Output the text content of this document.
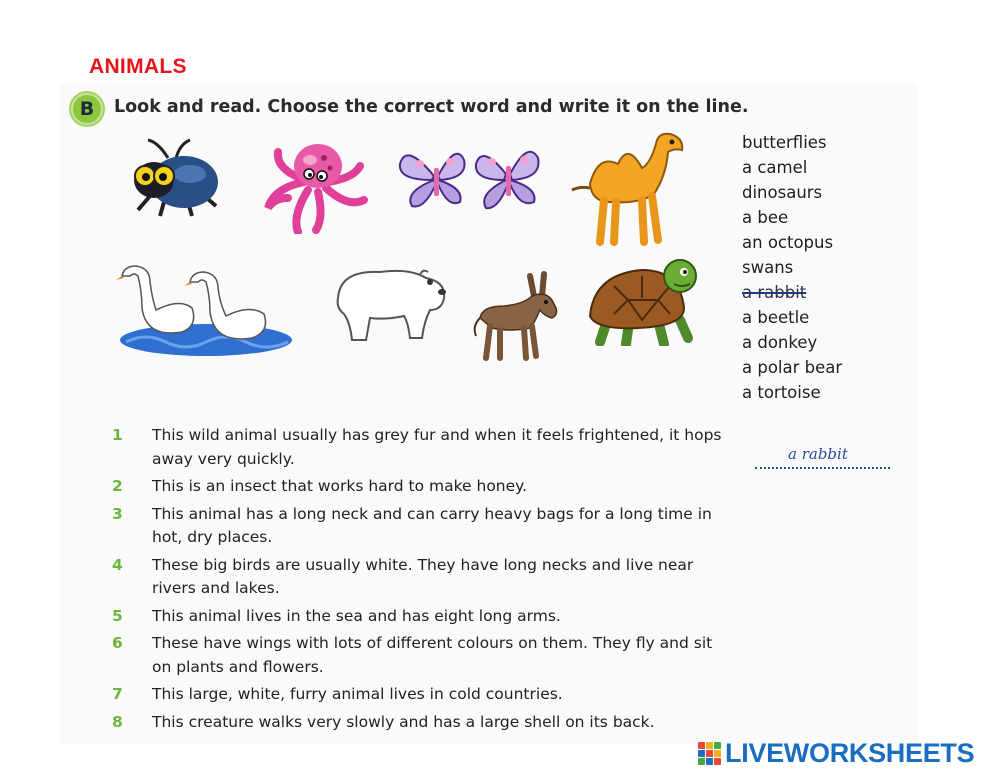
ANIMALS
B	Look and read. Choose the correct word and write it on the line.
butterflies
a camel
dinosaurs
a bee
an octopus
swans
a rabbit
a beetle
a donkey
a polar bear
a tortoise
a rabbit
1 This wild animal usually has grey fur and when it feels frightened, it hops away very quickly.
2 This is an insect that works hard to make honey.
3 This animal has a long neck and can carry heavy bags for a long time in hot, dry places.
4 These big birds are usually white. They have long necks and live near rivers and lakes.
5 This animal lives in the sea and has eight long arms.
6 These have wings with lots of different colours on them. They fly and sit on plants and flowers.
7 This large, white, furry animal lives in cold countries.
8 This creature walks very slowly and has a large shell on its back.
LIVEWORKSHEETS
